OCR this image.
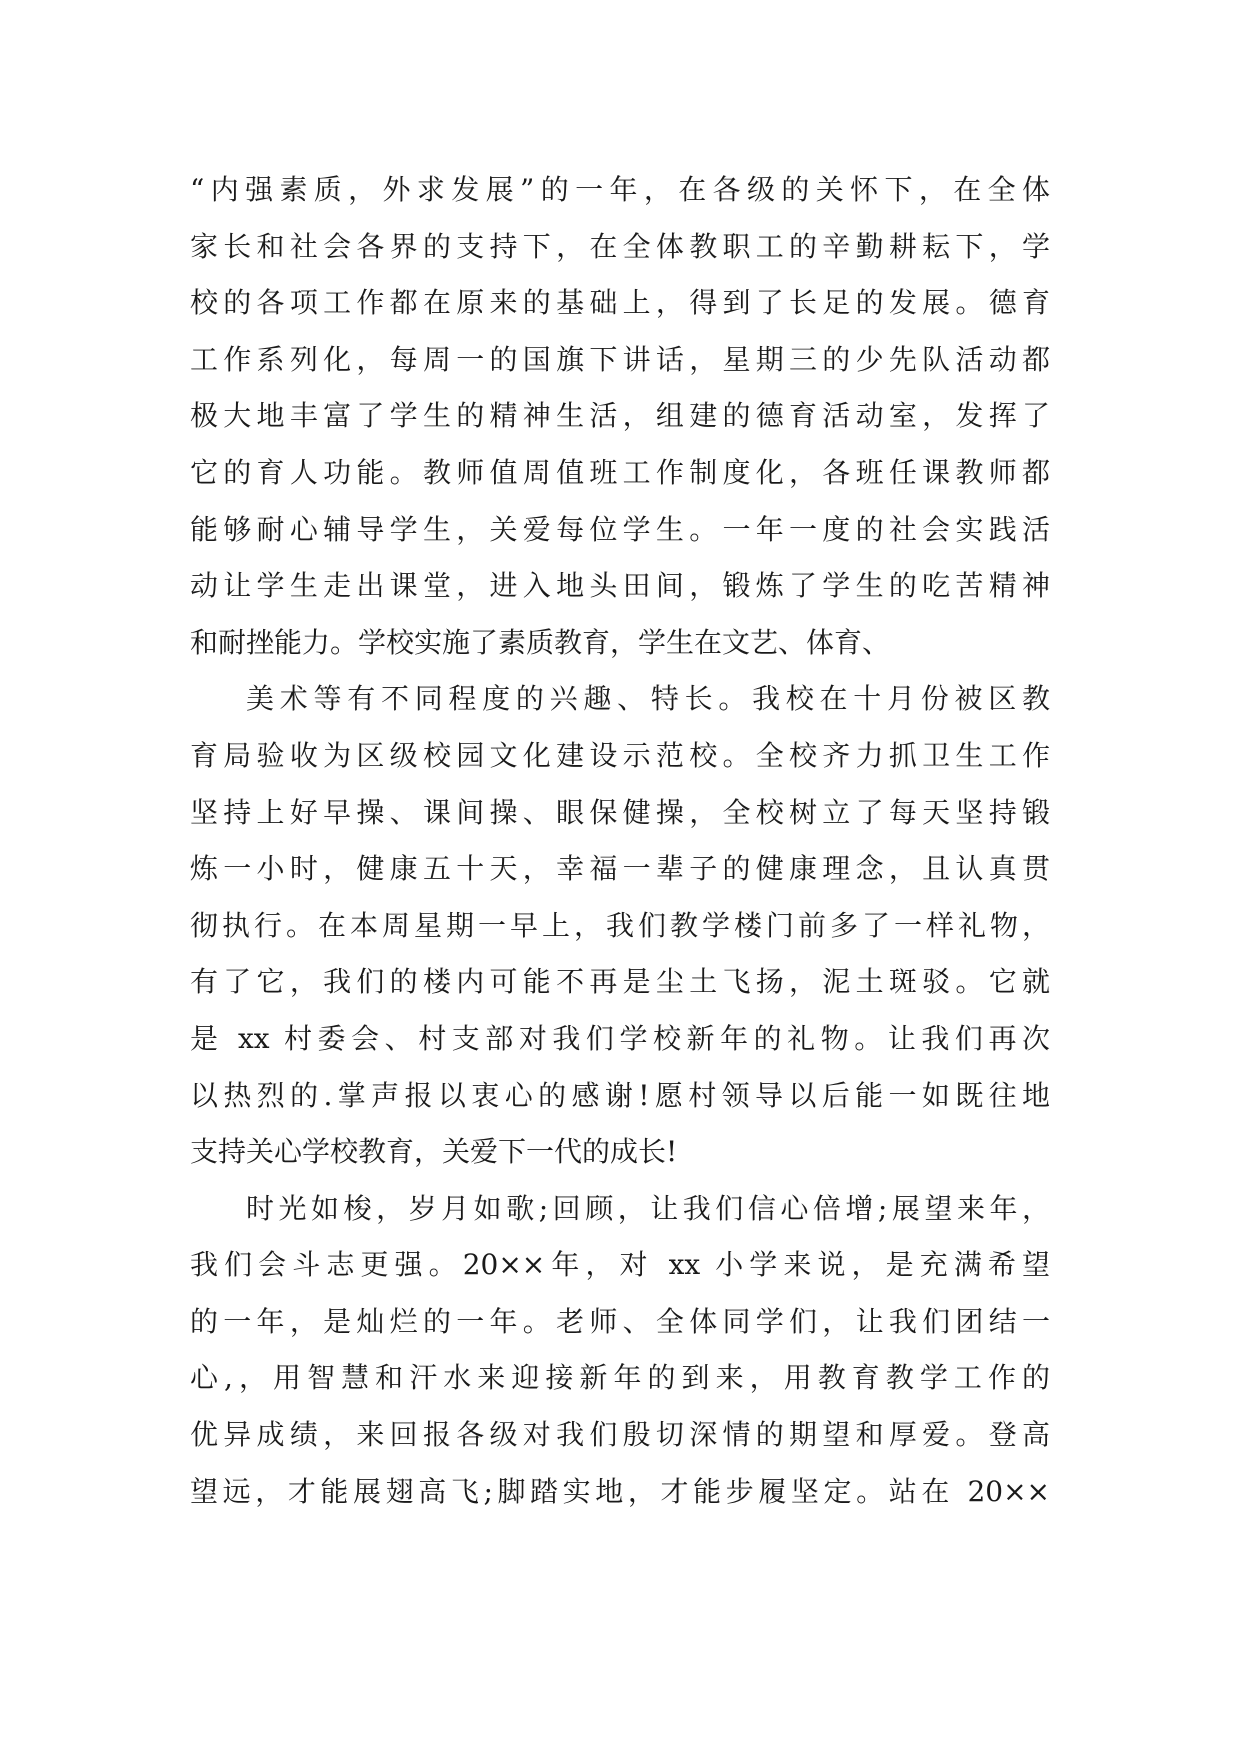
“内强素质，外求发展”的一年，在各级的关怀下，在全体
家长和社会各界的支持下，在全体教职工的辛勤耕耘下，学
校的各项工作都在原来的基础上，得到了长足的发展。德育
工作系列化，每周一的国旗下讲话，星期三的少先队活动都
极大地丰富了学生的精神生活，组建的德育活动室，发挥了
它的育人功能。教师值周值班工作制度化，各班任课教师都
能够耐心辅导学生，关爱每位学生。一年一度的社会实践活
动让学生走出课堂，进入地头田间，锻炼了学生的吃苦精神
和耐挫能力。学校实施了素质教育，学生在文艺、体育、
美术等有不同程度的兴趣、特长。我校在十月份被区教
育局验收为区级校园文化建设示范校。全校齐力抓卫生工作
坚持上好早操、课间操、眼保健操，全校树立了每天坚持锻
炼一小时，健康五十天，幸福一辈子的健康理念，且认真贯
彻执行。在本周星期一早上，我们教学楼门前多了一样礼物，
有了它，我们的楼内可能不再是尘土飞扬，泥土斑驳。它就
是 xx 村委会、村支部对我们学校新年的礼物。让我们再次
以热烈的.掌声报以衷心的感谢!愿村领导以后能一如既往地
支持关心学校教育，关爱下一代的成长!
时光如梭，岁月如歌;回顾，让我们信心倍增;展望来年，
我们会斗志更强。20××年，对 xx 小学来说，是充满希望
的一年，是灿烂的一年。老师、全体同学们，让我们团结一
心,，用智慧和汗水来迎接新年的到来，用教育教学工作的
优异成绩，来回报各级对我们殷切深情的期望和厚爱。登高
望远，才能展翅高飞;脚踏实地，才能步履坚定。站在 20××
